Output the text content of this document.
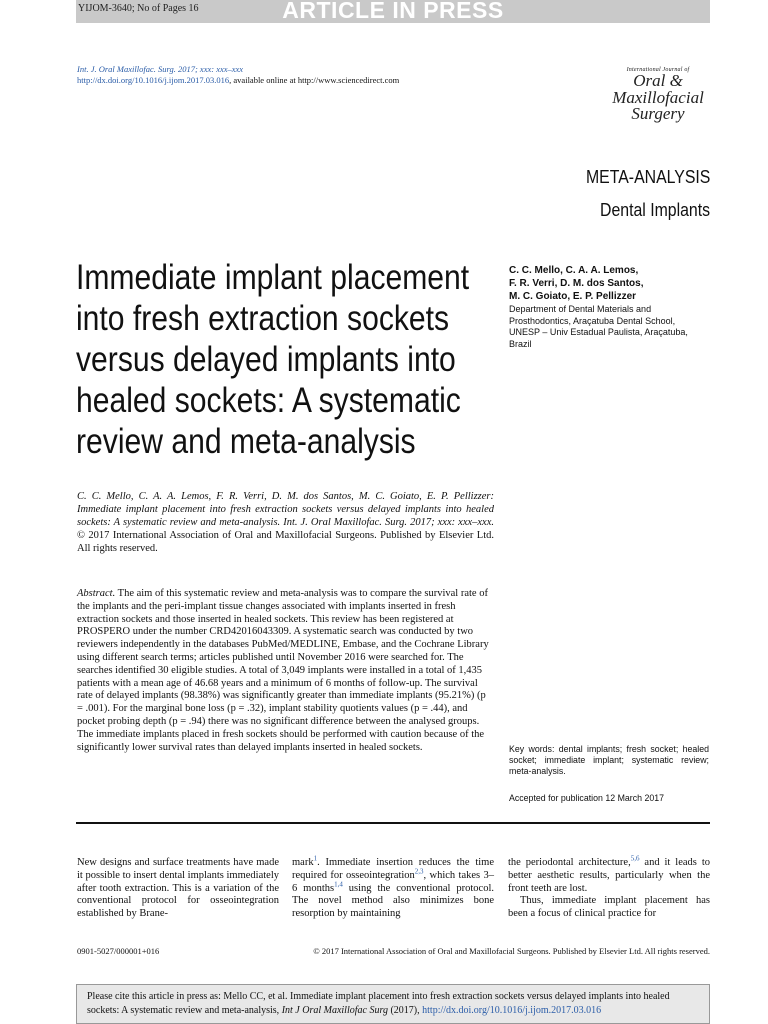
YIJOM-3640; No of Pages 16	ARTICLE IN PRESS
Int. J. Oral Maxillofac. Surg. 2017; xxx: xxx–xxx
http://dx.doi.org/10.1016/j.ijom.2017.03.016, available online at http://www.sciencedirect.com
International Journal of
Oral &
Maxillofacial
Surgery
META-ANALYSIS
Dental Implants
Immediate implant placement into fresh extraction sockets versus delayed implants into healed sockets: A systematic review and meta-analysis
C. C. Mello, C. A. A. Lemos,
F. R. Verri, D. M. dos Santos,
M. C. Goiato, E. P. Pellizzer
Department of Dental Materials and
Prosthodontics, Araçatuba Dental School,
UNESP – Univ Estadual Paulista, Araçatuba,
Brazil
C. C. Mello, C. A. A. Lemos, F. R. Verri, D. M. dos Santos, M. C. Goiato, E. P. Pellizzer: Immediate implant placement into fresh extraction sockets versus delayed implants into healed sockets: A systematic review and meta-analysis. Int. J. Oral Maxillofac. Surg. 2017; xxx: xxx–xxx. © 2017 International Association of Oral and Maxillofacial Surgeons. Published by Elsevier Ltd. All rights reserved.
Abstract. The aim of this systematic review and meta-analysis was to compare the survival rate of the implants and the peri-implant tissue changes associated with implants inserted in fresh extraction sockets and those inserted in healed sockets. This review has been registered at PROSPERO under the number CRD42016043309. A systematic search was conducted by two reviewers independently in the databases PubMed/MEDLINE, Embase, and the Cochrane Library using different search terms; articles published until November 2016 were searched for. The searches identified 30 eligible studies. A total of 3,049 implants were installed in a total of 1,435 patients with a mean age of 46.68 years and a minimum of 6 months of follow-up. The survival rate of delayed implants (98.38%) was significantly greater than immediate implants (95.21%) (p = .001). For the marginal bone loss (p = .32), implant stability quotients values (p = .44), and pocket probing depth (p = .94) there was no significant difference between the analysed groups. The immediate implants placed in fresh sockets should be performed with caution because of the significantly lower survival rates than delayed implants inserted in healed sockets.	Key words: dental implants; fresh socket; healed socket; immediate implant; systematic review; meta-analysis.
Accepted for publication 12 March 2017
New designs and surface treatments have made it possible to insert dental implants immediately after tooth extraction. This is a variation of the conventional protocol for osseointegration established by Brane-
mark$^1$. Immediate insertion reduces the time required for osseointegration$^{2,3}$, which takes 3–6 months$^{1,4}$ using the conventional protocol. The novel method also minimizes bone resorption by maintaining
the periodontal architecture,$^{5,6}$ and it leads to better aesthetic results, particularly when the front teeth are lost.
Thus, immediate implant placement has been a focus of clinical practice for
0901-5027/000001+016	© 2017 International Association of Oral and Maxillofacial Surgeons. Published by Elsevier Ltd. All rights reserved.
Please cite this article in press as: Mello CC, et al. Immediate implant placement into fresh extraction sockets versus delayed implants into healed sockets: A systematic review and meta-analysis, Int J Oral Maxillofac Surg (2017), http://dx.doi.org/10.1016/j.ijom.2017.03.016
